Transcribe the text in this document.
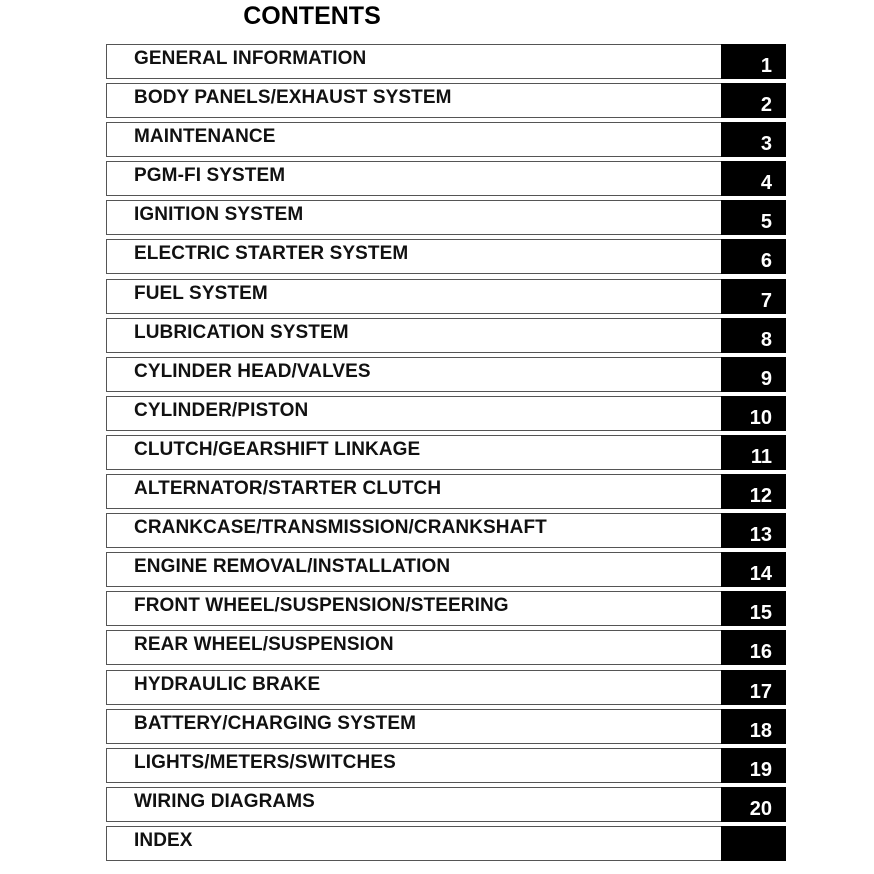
CONTENTS
GENERAL INFORMATION	1
BODY PANELS/EXHAUST SYSTEM	2
MAINTENANCE	3
PGM-FI SYSTEM	4
IGNITION SYSTEM	5
ELECTRIC STARTER SYSTEM	6
FUEL SYSTEM	7
LUBRICATION SYSTEM	8
CYLINDER HEAD/VALVES	9
CYLINDER/PISTON	10
CLUTCH/GEARSHIFT LINKAGE	11
ALTERNATOR/STARTER CLUTCH	12
CRANKCASE/TRANSMISSION/CRANKSHAFT	13
ENGINE REMOVAL/INSTALLATION	14
FRONT WHEEL/SUSPENSION/STEERING	15
REAR WHEEL/SUSPENSION	16
HYDRAULIC BRAKE	17
BATTERY/CHARGING SYSTEM	18
LIGHTS/METERS/SWITCHES	19
WIRING DIAGRAMS	20
INDEX
